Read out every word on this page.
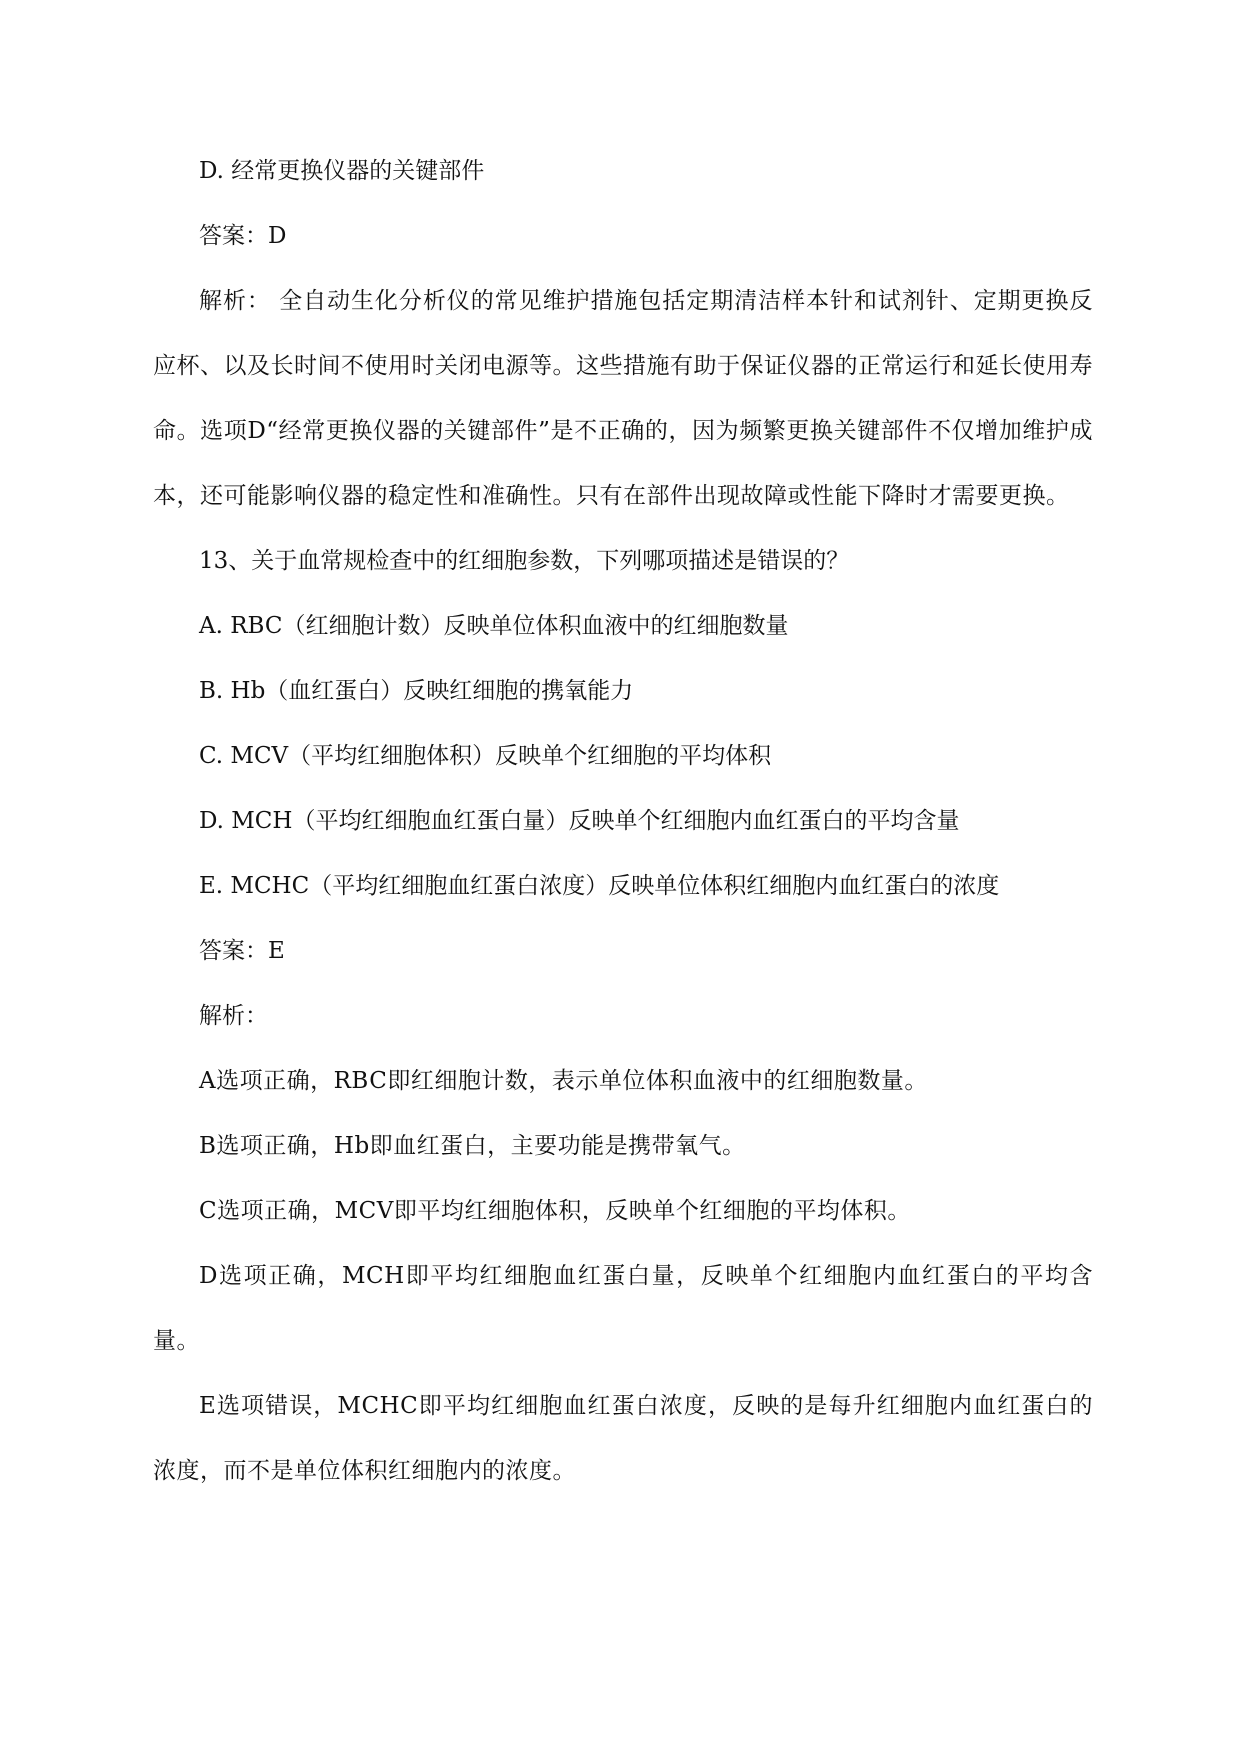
D. 经常更换仪器的关键部件

答案：D

解析： 全自动生化分析仪的常见维护措施包括定期清洁样本针和试剂针、定期更换反应杯、以及长时间不使用时关闭电源等。这些措施有助于保证仪器的正常运行和延长使用寿命。选项D“经常更换仪器的关键部件”是不正确的，因为频繁更换关键部件不仅增加维护成本，还可能影响仪器的稳定性和准确性。只有在部件出现故障或性能下降时才需要更换。

13、关于血常规检查中的红细胞参数，下列哪项描述是错误的？

A. RBC（红细胞计数）反映单位体积血液中的红细胞数量

B. Hb（血红蛋白）反映红细胞的携氧能力

C. MCV（平均红细胞体积）反映单个红细胞的平均体积

D. MCH（平均红细胞血红蛋白量）反映单个红细胞内血红蛋白的平均含量

E. MCHC（平均红细胞血红蛋白浓度）反映单位体积红细胞内血红蛋白的浓度

答案：E

解析：

A选项正确，RBC即红细胞计数，表示单位体积血液中的红细胞数量。

B选项正确，Hb即血红蛋白，主要功能是携带氧气。

C选项正确，MCV即平均红细胞体积，反映单个红细胞的平均体积。

D选项正确，MCH即平均红细胞血红蛋白量，反映单个红细胞内血红蛋白的平均含量。

E选项错误，MCHC即平均红细胞血红蛋白浓度，反映的是每升红细胞内血红蛋白的浓度，而不是单位体积红细胞内的浓度。
